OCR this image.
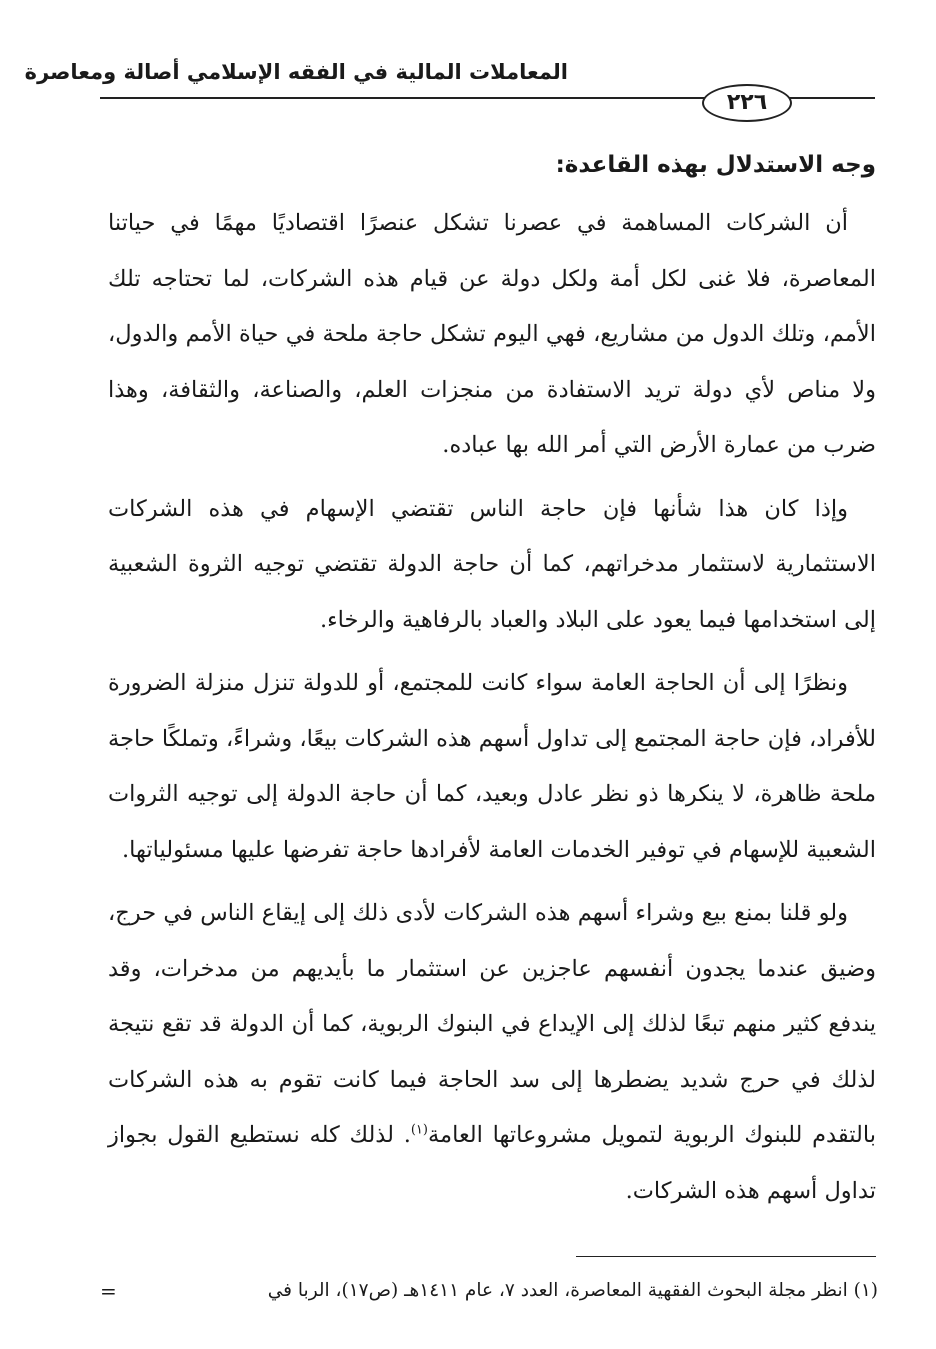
المعاملات المالية في الفقه الإسلامي أصالة ومعاصرة
٢٢٦
وجه الاستدلال بهذه القاعدة:

أن الشركات المساهمة في عصرنا تشكل عنصرًا اقتصاديًا مهمًا في حياتنا المعاصرة، فلا غنى لكل أمة ولكل دولة عن قيام هذه الشركات، لما تحتاجه تلك الأمم، وتلك الدول من مشاريع، فهي اليوم تشكل حاجة ملحة في حياة الأمم والدول، ولا مناص لأي دولة تريد الاستفادة من منجزات العلم، والصناعة، والثقافة، وهذا ضرب من عمارة الأرض التي أمر الله بها عباده.

وإذا كان هذا شأنها فإن حاجة الناس تقتضي الإسهام في هذه الشركات الاستثمارية لاستثمار مدخراتهم، كما أن حاجة الدولة تقتضي توجيه الثروة الشعبية إلى استخدامها فيما يعود على البلاد والعباد بالرفاهية والرخاء.

ونظرًا إلى أن الحاجة العامة سواء كانت للمجتمع، أو للدولة تنزل منزلة الضرورة للأفراد، فإن حاجة المجتمع إلى تداول أسهم هذه الشركات بيعًا، وشراءً، وتملكًا حاجة ملحة ظاهرة، لا ينكرها ذو نظر عادل وبعيد، كما أن حاجة الدولة إلى توجيه الثروات الشعبية للإسهام في توفير الخدمات العامة لأفرادها حاجة تفرضها عليها مسئولياتها.

ولو قلنا بمنع بيع وشراء أسهم هذه الشركات لأدى ذلك إلى إيقاع الناس في حرج، وضيق عندما يجدون أنفسهم عاجزين عن استثمار ما بأيديهم من مدخرات، وقد يندفع كثير منهم تبعًا لذلك إلى الإيداع في البنوك الربوية، كما أن الدولة قد تقع نتيجة لذلك في حرج شديد يضطرها إلى سد الحاجة فيما كانت تقوم به هذه الشركات بالتقدم للبنوك الربوية لتمويل مشروعاتها العامة$^{(١)}$. لذلك كله نستطيع القول بجواز تداول أسهم هذه الشركات.

(١) انظر مجلة البحوث الفقهية المعاصرة، العدد ٧، عام ١٤١١هـ (ص١٧)، الربا في
=
